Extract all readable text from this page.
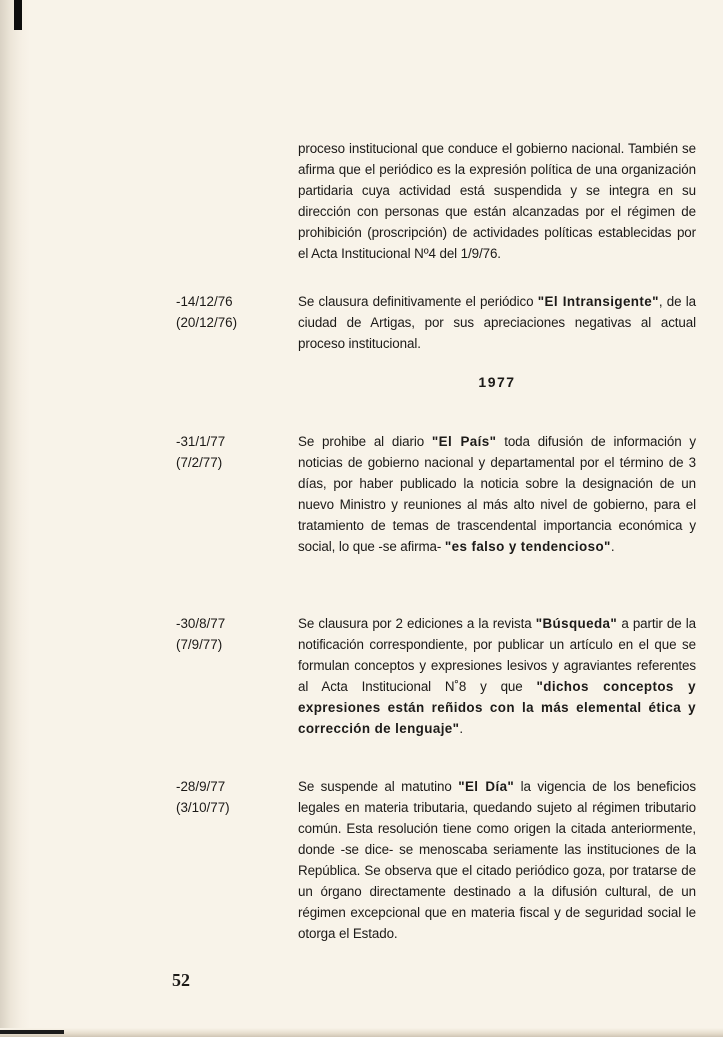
proceso institucional que conduce el gobierno nacional. También se afirma que el periódico es la expresión política de una organización partidaria cuya actividad está suspendida y se integra en su dirección con personas que están alcanzadas por el régimen de prohibición (proscripción) de actividades políticas establecidas por el Acta Institucional Nº4 del 1/9/76.
-14/12/76
(20/12/76)
Se clausura definitivamente el periódico "El Intransigente", de la ciudad de Artigas, por sus apreciaciones negativas al actual proceso institucional.
1977
-31/1/77
(7/2/77)
Se prohibe al diario "El País" toda difusión de información y noticias de gobierno nacional y departamental por el término de 3 días, por haber publicado la noticia sobre la designación de un nuevo Ministro y reuniones al más alto nivel de gobierno, para el tratamiento de temas de trascendental importancia económica y social, lo que -se afirma- "es falso y tendencioso".
-30/8/77
(7/9/77)
Se clausura por 2 ediciones a la revista "Búsqueda" a partir de la notificación correspondiente, por publicar un artículo en el que se formulan conceptos y expresiones lesivos y agraviantes referentes al Acta Institucional N˚8 y que "dichos conceptos y expresiones están reñidos con la más elemental ética y corrección de lenguaje".
-28/9/77
(3/10/77)
Se suspende al matutino "El Día" la vigencia de los beneficios legales en materia tributaria, quedando sujeto al régimen tributario común. Esta resolución tiene como origen la citada anteriormente, donde -se dice- se menoscaba seriamente las instituciones de la República. Se observa que el citado periódico goza, por tratarse de un órgano directamente destinado a la difusión cultural, de un régimen excepcional que en materia fiscal y de seguridad social le otorga el Estado.
52
